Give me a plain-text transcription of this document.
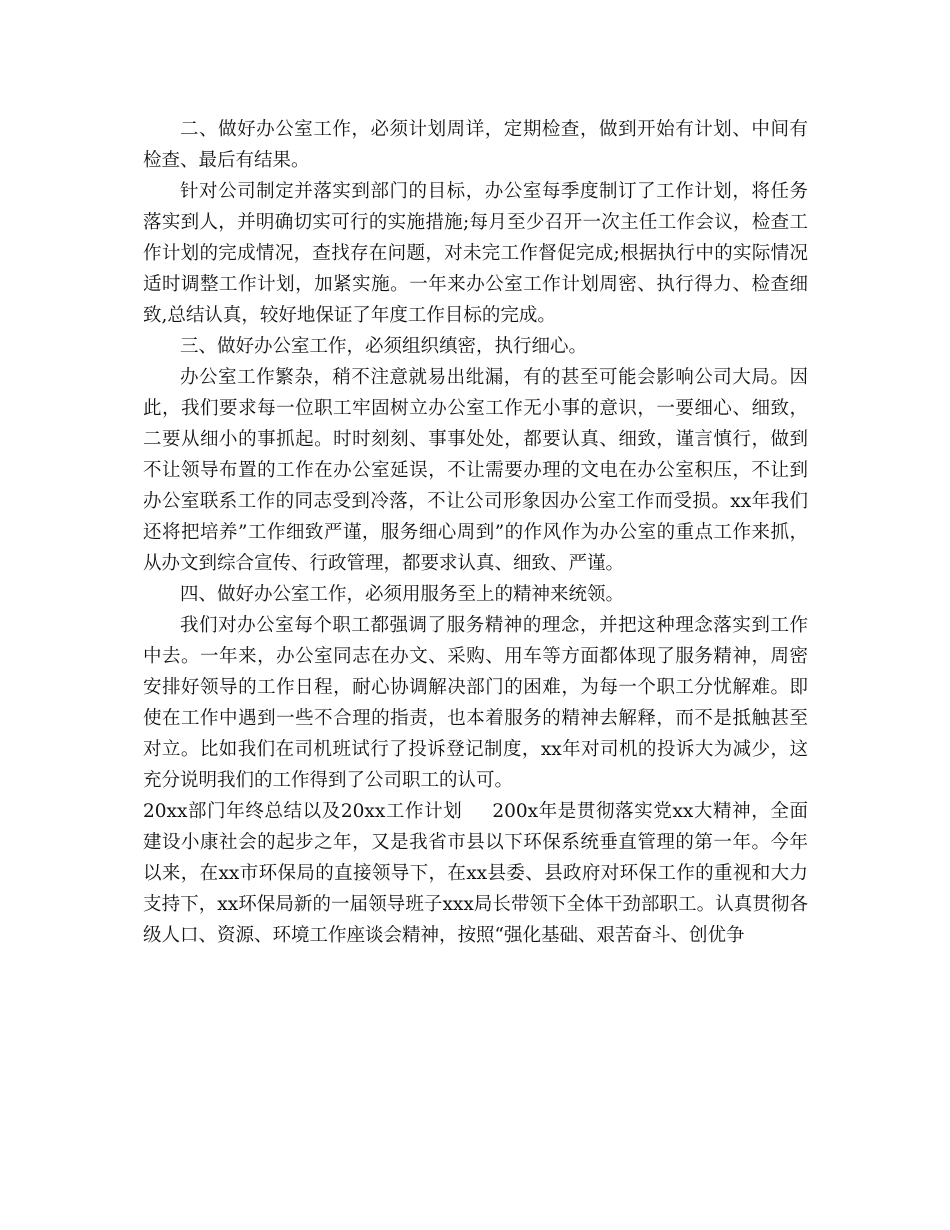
二、做好办公室工作，必须计划周详，定期检查，做到开始有计划、中间有检查、最后有结果。

针对公司制定并落实到部门的目标，办公室每季度制订了工作计划，将任务落实到人，并明确切实可行的实施措施;每月至少召开一次主任工作会议，检查工作计划的完成情况，查找存在问题，对未完工作督促完成;根据执行中的实际情况适时调整工作计划，加紧实施。一年来办公室工作计划周密、执行得力、检查细致,总结认真，较好地保证了年度工作目标的完成。

三、做好办公室工作，必须组织缜密，执行细心。

办公室工作繁杂，稍不注意就易出纰漏，有的甚至可能会影响公司大局。因此，我们要求每一位职工牢固树立办公室工作无小事的意识，一要细心、细致，二要从细小的事抓起。时时刻刻、事事处处，都要认真、细致，谨言慎行，做到不让领导布置的工作在办公室延误，不让需要办理的文电在办公室积压，不让到办公室联系工作的同志受到冷落，不让公司形象因办公室工作而受损。xx年我们还将把培养”工作细致严谨，服务细心周到”的作风作为办公室的重点工作来抓，从办文到综合宣传、行政管理，都要求认真、细致、严谨。

四、做好办公室工作，必须用服务至上的精神来统领。

我们对办公室每个职工都强调了服务精神的理念，并把这种理念落实到工作中去。一年来，办公室同志在办文、采购、用车等方面都体现了服务精神，周密安排好领导的工作日程，耐心协调解决部门的困难，为每一个职工分忧解难。即使在工作中遇到一些不合理的指责，也本着服务的精神去解释，而不是抵触甚至对立。比如我们在司机班试行了投诉登记制度，xx年对司机的投诉大为减少，这充分说明我们的工作得到了公司职工的认可。

20xx部门年终总结以及20xx工作计划 200x年是贯彻落实党xx大精神，全面建设小康社会的起步之年，又是我省市县以下环保系统垂直管理的第一年。今年以来，在xx市环保局的直接领导下，在xx县委、县政府对环保工作的重视和大力支持下，xx环保局新的一届领导班子xxx局长带领下全体干劲部职工。认真贯彻各级人口、资源、环境工作座谈会精神，按照“强化基础、艰苦奋斗、创优争
